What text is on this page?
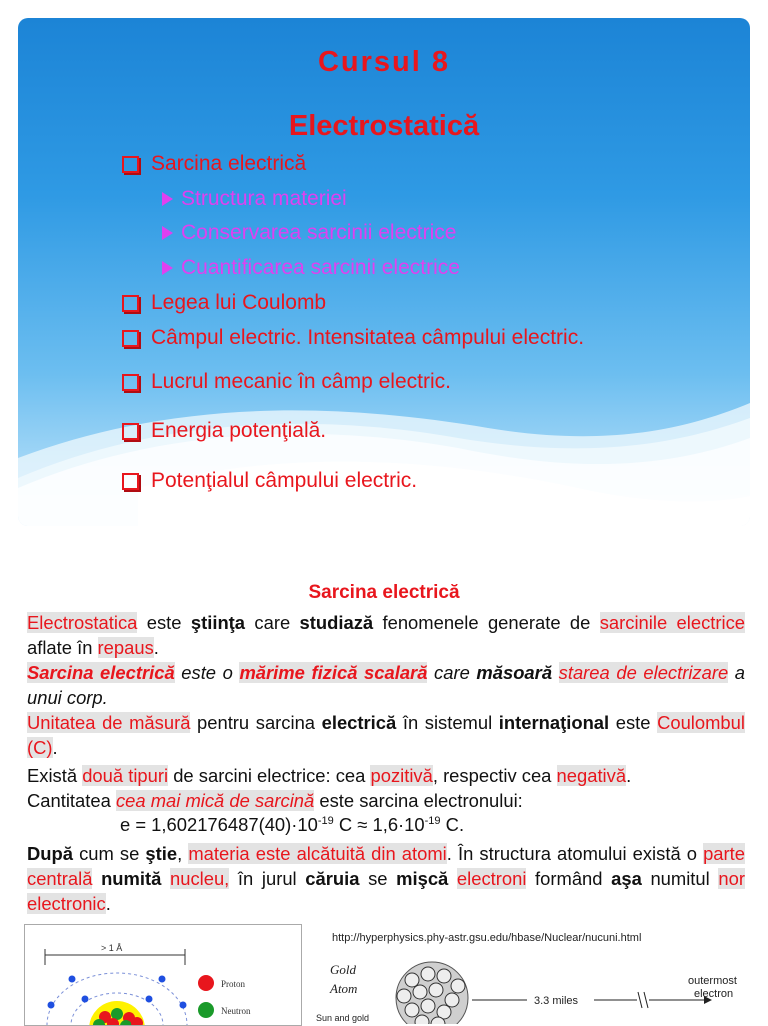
Cursul 8
Electrostatică
Sarcina electrică
Structura materiei
Conservarea sarcinii electrice
Cuantificarea sarcinii electrice
Legea lui Coulomb
Câmpul electric. Intensitatea câmpului electric.
Lucrul mecanic în câmp electric.
Energia potenţială.
Potenţialul câmpului electric.
Sarcina electrică
Electrostatica este ştiinţa care studiază fenomenele generate de sarcinile electrice aflate în repaus.
Sarcina electrică este o mărime fizică scalară care măsoară starea de electrizare a unui corp.
Unitatea de măsură pentru sarcina electrică în sistemul internaţional este Coulombul (C).
Există două tipuri de sarcini electrice: cea pozitivă, respectiv cea negativă.
Cantitatea cea mai mică de sarcină este sarcina electronului:
$e = 1,602176487(40)\cdot 10^{-19}$ $C \approx 1,6\cdot 10^{-19}$ C.
După cum se ştie, materia este alcătuită din atomi. În structura atomului există o parte centrală numită nucleu, în jurul căruia se mişcă electroni formând aşa numitul nor electronic.
> 1 Å
Proton
Neutron
http://hyperphysics.phy-astr.gsu.edu/hbase/Nuclear/nucuni.html
Gold
Atom
Sun and gold
3.3 miles
outermost
electron
